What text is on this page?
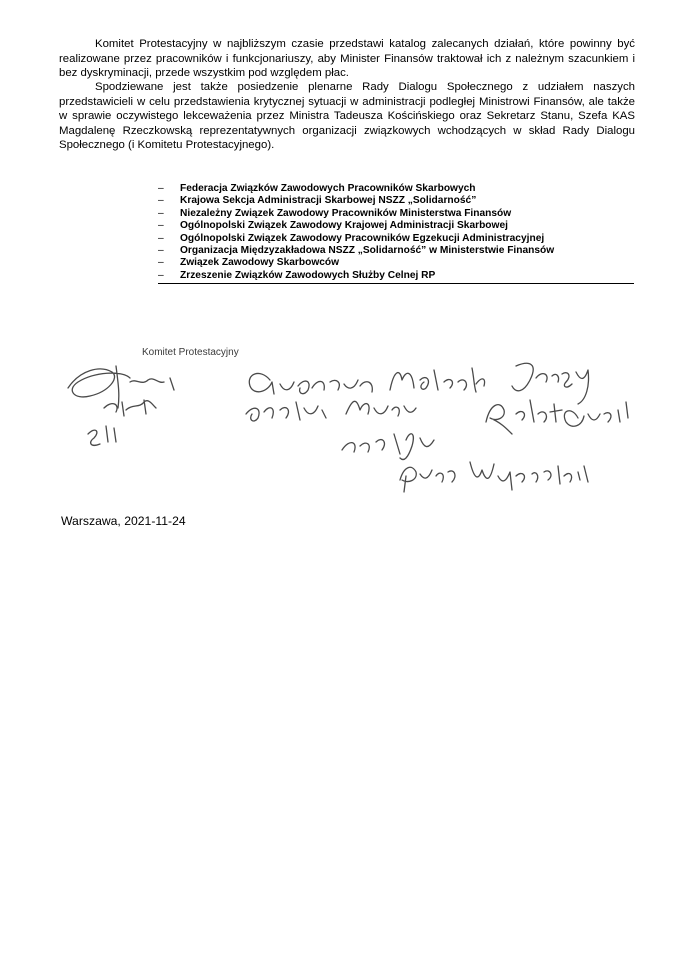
Komitet Protestacyjny w najbliższym czasie przedstawi katalog zalecanych działań, które powinny być realizowane przez pracowników i funkcjonariuszy, aby Minister Finansów traktował ich z należnym szacunkiem i bez dyskryminacji, przede wszystkim pod względem płac.

Spodziewane jest także posiedzenie plenarne Rady Dialogu Społecznego z udziałem naszych przedstawicieli w celu przedstawienia krytycznej sytuacji w administracji podległej Ministrowi Finansów, ale także w sprawie oczywistego lekceważenia przez Ministra Tadeusza Kościńskiego oraz Sekretarz Stanu, Szefa KAS Magdalenę Rzeczkowską reprezentatywnych organizacji związkowych wchodzących w skład Rady Dialogu Społecznego (i Komitetu Protestacyjnego).

–	Federacja Związków Zawodowych Pracowników Skarbowych
–	Krajowa Sekcja Administracji Skarbowej NSZZ „Solidarność”
–	Niezależny Związek Zawodowy Pracowników Ministerstwa Finansów
–	Ogólnopolski Związek Zawodowy Krajowej Administracji Skarbowej
–	Ogólnopolski Związek Zawodowy Pracowników Egzekucji Administracyjnej
–	Organizacja Międzyzakładowa NSZZ „Solidarność” w Ministerstwie Finansów
–	Związek Zawodowy Skarbowców
–	Zrzeszenie Związków Zawodowych Służby Celnej RP
Komitet Protestacyjny
Warszawa, 2021-11-24
